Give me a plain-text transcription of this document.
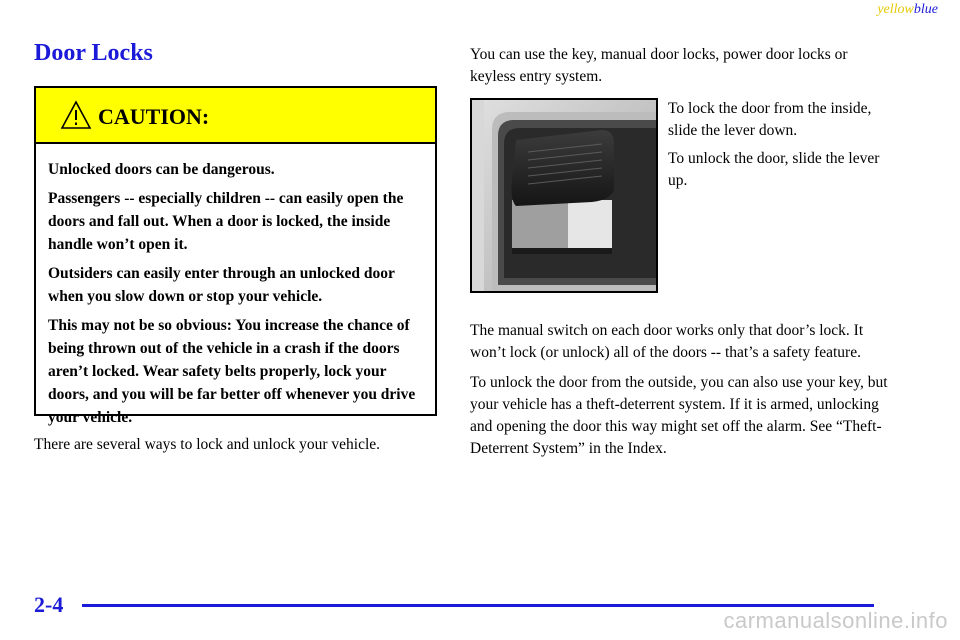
yellowblue
Door Locks
CAUTION:

Unlocked doors can be dangerous.

Passengers -- especially children -- can easily open the doors and fall out. When a door is locked, the inside handle won’t open it.

Outsiders can easily enter through an unlocked door when you slow down or stop your vehicle.

This may not be so obvious: You increase the chance of being thrown out of the vehicle in a crash if the doors aren’t locked. Wear safety belts properly, lock your doors, and you will be far better off whenever you drive your vehicle.

There are several ways to lock and unlock your vehicle.

You can use the key, manual door locks, power door locks or keyless entry system.

To lock the door from the inside, slide the lever down.

To unlock the door, slide the lever up.

The manual switch on each door works only that door’s lock. It won’t lock (or unlock) all of the doors -- that’s a safety feature.

To unlock the door from the outside, you can also use your key, but your vehicle has a theft-deterrent system. If it is armed, unlocking and opening the door this way might set off the alarm. See “Theft-Deterrent System” in the Index.

2-4
carmanualsonline.info
